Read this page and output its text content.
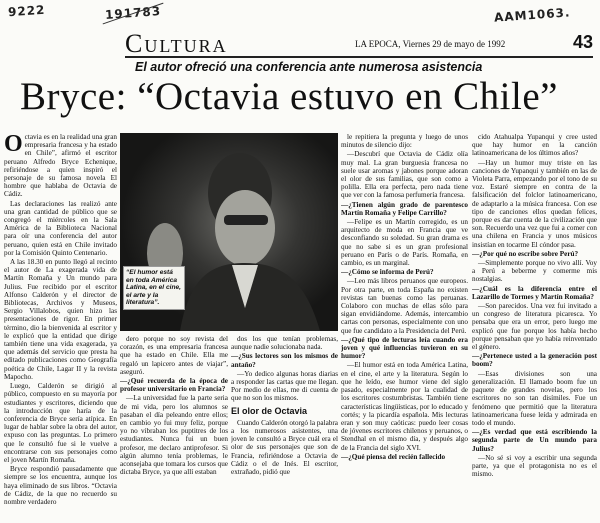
9222	191783	AAM1063.
Cultura	LA EPOCA, Viernes 29 de mayo de 1992	43
El autor ofreció una conferencia ante numerosa asistencia
Bryce: “Octavia estuvo en Chile”
O ctavia es en la realidad una gran empresaria francesa y ha estado en Chile”, afirmó el escritor peruano Alfredo Bryce Echenique, refiriéndose a quien inspiró el personaje de su famosa novela El hombre que hablaba de Octavia de Cádiz.

Las declaraciones las realizó ante una gran cantidad de público que se congregó el miércoles en la Sala América de la Biblioteca Nacional para oír una conferencia del autor peruano, quien está en Chile invitado por la Comisión Quinto Centenario.

A las 18.30 en punto llegó al recinto el autor de La exagerada vida de Martín Romaña y Un mundo para Julius. Fue recibido por el escritor Alfonso Calderón y el director de Bibliotecas, Archivos y Museos, Sergio Villalobos, quien hizo las presentaciones de rigor. En primer término, dio la bienvenida al escritor y le explicó que la entidad que dirige también tiene una vida exagerada, ya que además del servicio que presta ha editado publicaciones como Geografía poética de Chile, Lagar II y la revista Mapocho.

Luego, Calderón se dirigió al público, compuesto en su mayoría por estudiantes y escritores, diciendo que la introducción que haría de la conferencia de Bryce sería atípica. En lugar de hablar sobre la obra del autor, expuso con las preguntas. Lo primero que le consultó fue si le vuelve a encontrarse con sus personajes como el joven Martín Romaña.

Bryce respondió pausadamente que siempre se los encuentra, aunque los haya eliminado de sus libros. “Octavia de Cádiz, de la que no recuerdo su nombre verdadero

“El humor está en toda América Latina, en el cine, el arte y la literatura”.

dero porque no soy revista del corazón, es una empresaria francesa que ha estado en Chile. Ella me regaló un lapicero antes de viajar”, aseguró.

—¿Qué recuerda de la época de profesor universitario en Francia?

—La universidad fue la parte seria de mi vida, pero los alumnos se pasaban el día peleando entre ellos; en cambio yo fui muy feliz, porque yo no vibraban los puptitres de los estudiantes. Nunca fui un buen profesor, me declaro antiprofesor. Si algún alumno tenía problemas, le aconsejaba que tomara los cursos que dictaba Bryce, ya que allí estaban

dos los que tenían problemas, aunque nadie solucionaba nada.

—¿Sus lectores son los mismos de antaño?

—Yo dedico algunas horas diarias a responder las cartas que me llegan. Por medio de ellas, me di cuenta de que no son los mismos.

El olor de Octavia

Cuando Calderón otorgó la palabra a los numerosos asistentes, una joven le consultó a Bryce cuál era el olor de sus personajes que son de Francia, refiriéndose a Octavia de Cádiz o el de Inés. El escritor, extrañado, pidió que

le repitiera la pregunta y luego de unos minutos de silencio dijo:

—Descubrí que Octavia de Cádiz olía muy mal. La gran burguesía francesa no suele usar aromas y jabones porque adoran el olor de sus familias, que son como a polilla. Ella era perfecta, pero nada tiene que ver con la famosa perfumería francesa.

—¿Tienen algún grado de parentesco Martín Romaña y Felipe Carrillo?

—Felipe es un Martín corregido, es un arquitecto de moda en Francia que ve desconfiando su soledad. Su gran drama es que no sabe si es un gran profesional peruano en París o de París. Romaña, en cambio, es un marginal.

—¿Cómo se informa de Perú?

—Leo más libros peruanos que europeos. Por otra parte, en toda España no existen revistas tan buenas como las peruanas. Colaboro con muchas de ellas sólo para sigan envidiándome. Además, intercambio cartas con personas, especialmente con uno que fue candidato a la Presidencia del Perú.

—¿Qué tipo de lecturas leía cuando era joven y qué influencias tuvieron en su humor?

—El humor está en toda América Latina, en el cine, el arte y la literatura. Según lo que he leído, ese humor viene del siglo pasado, especialmente por la cualidad de los escritores costumbristas. También tiene características lingüísticas, por lo educado y cortés; y la picardía española. Mis lecturas eran y son muy caóticas: puedo leer cosas de jóvenes escritores chilenos y peruanos, o Stendhal en el mismo día, y después algo de la Francia del siglo XVI.

—¿Qué piensa del recién fallecido

cido Atahualpa Yupanqui y cree usted que hay humor en la canción latinoamericana de los últimos años?

—Hay un humor muy triste en las canciones de Yupanqui y también en las de Violeta Parra, empezando por el tono de su voz. Estaré siempre en contra de la falsificación del folclor latinoamericano, de adaptarlo a la música francesa. Con ese tipo de canciones ellos quedan felices, porque es dar cuenta de la civilización que son. Recuerdo una vez que fui a comer con una chilena en Francia y unos músicos insistían en tocarme El cóndor pasa.

—¿Por qué no escribe sobre Perú?

—Simplemente porque no vivo allí. Voy a Perú a beberme y comerme mis nostalgias.

—¿Cuál es la diferencia entre el Lazarillo de Tormes y Martín Romaña?

—Son parecidos. Una vez fui invitado a un congreso de literatura picaresca. Yo pensaba que era un error, pero luego me explicó que fue porque los había hecho porque pensaban que yo había reinventado el género.

—¿Pertenece usted a la generación post boom?

—Esas divisiones son una generalización. El llamado boom fue un paquete de grandes novelas, pero los escritores no son tan disímiles. Fue un fenómeno que permitió que la literatura latinoamericana fuese leída y admirada en todo el mundo.

—¿Es verdad que está escribiendo la segunda parte de Un mundo para Julius?

—No sé si voy a escribir una segunda parte, ya que el protagonista no es el mismo.
